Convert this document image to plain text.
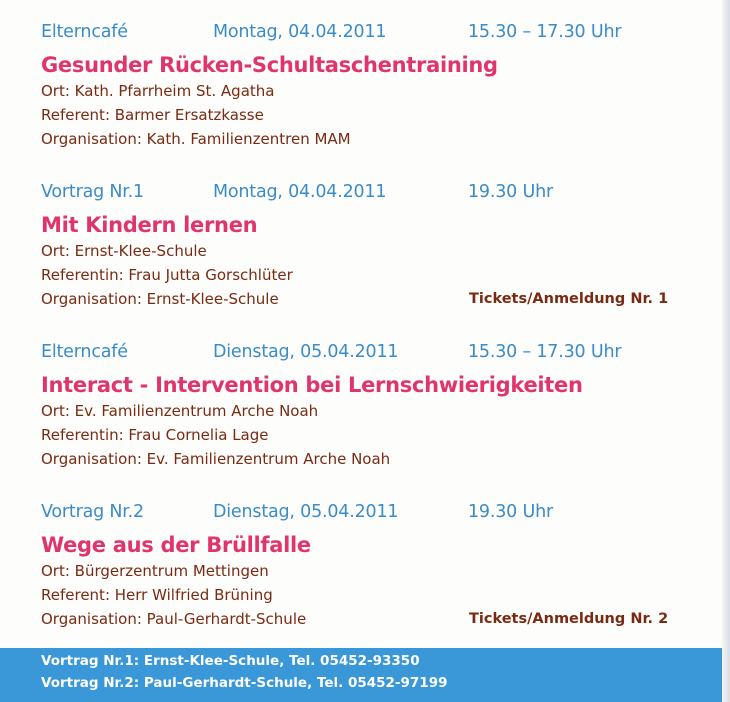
Elterncafé	Montag, 04.04.2011	15.30 – 17.30 Uhr
Gesunder Rücken-Schultaschentraining
Ort: Kath. Pfarrheim St. Agatha
Referent: Barmer Ersatzkasse
Organisation: Kath. Familienzentren MAM
Vortrag Nr.1	Montag, 04.04.2011	19.30 Uhr
Mit Kindern lernen
Ort: Ernst-Klee-Schule
Referentin: Frau Jutta Gorschlüter
Organisation: Ernst-Klee-Schule	Tickets/Anmeldung Nr. 1
Elterncafé	Dienstag, 05.04.2011	15.30 – 17.30 Uhr
Interact - Intervention bei Lernschwierigkeiten
Ort: Ev. Familienzentrum Arche Noah
Referentin: Frau Cornelia Lage
Organisation: Ev. Familienzentrum Arche Noah
Vortrag Nr.2	Dienstag, 05.04.2011	19.30 Uhr
Wege aus der Brüllfalle
Ort: Bürgerzentrum Mettingen
Referent: Herr Wilfried Brüning
Organisation: Paul-Gerhardt-Schule	Tickets/Anmeldung Nr. 2
Vortrag Nr.1: Ernst-Klee-Schule, Tel. 05452-93350
Vortrag Nr.2: Paul-Gerhardt-Schule, Tel. 05452-97199
